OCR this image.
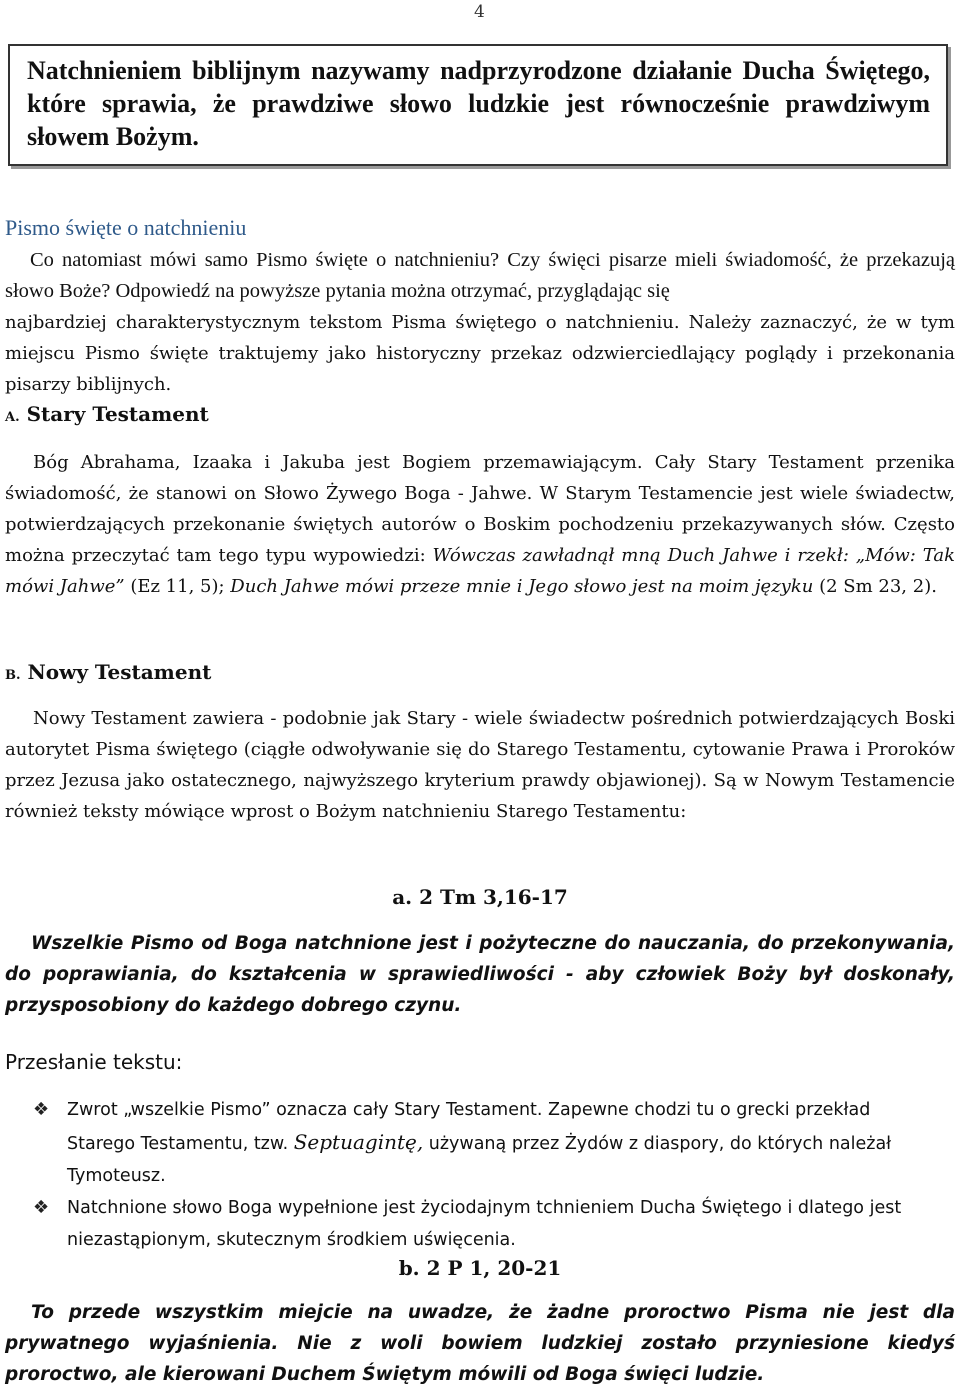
4

Natchnieniem biblijnym nazywamy nadprzyrodzone działanie Ducha Świętego, które sprawia, że prawdziwe słowo ludzkie jest równocześnie prawdziwym słowem Bożym.

Pismo święte o natchnieniu

Co natomiast mówi samo Pismo święte o natchnieniu? Czy święci pisarze mieli świadomość, że przekazują słowo Boże? Odpowiedź na powyższe pytania można otrzymać, przyglądając się

najbardziej charakterystycznym tekstom Pisma świętego o natchnieniu. Należy zaznaczyć, że w tym miejscu Pismo święte traktujemy jako historyczny przekaz odzwierciedlający poglądy i przekonania pisarzy biblijnych.

A. Stary Testament

Bóg Abrahama, Izaaka i Jakuba jest Bogiem przemawiającym. Cały Stary Testament przenika świadomość, że stanowi on Słowo Żywego Boga - Jahwe. W Starym Testamencie jest wiele świadectw, potwierdzających przekonanie świętych autorów o Boskim pochodzeniu przekazywanych słów. Często można przeczytać tam tego typu wypowiedzi: Wówczas zawładnął mną Duch Jahwe i rzekł: „Mów: Tak mówi Jahwe” (Ez 11, 5); Duch Jahwe mówi przeze mnie i Jego słowo jest na moim języku (2 Sm 23, 2).

B. Nowy Testament

Nowy Testament zawiera - podobnie jak Stary - wiele świadectw pośrednich potwierdzających Boski autorytet Pisma świętego (ciągłe odwoływanie się do Starego Testamentu, cytowanie Prawa i Proroków przez Jezusa jako ostatecznego, najwyższego kryterium prawdy objawionej). Są w Nowym Testamencie również teksty mówiące wprost o Bożym natchnieniu Starego Testamentu:

a. 2 Tm 3,16-17

Wszelkie Pismo od Boga natchnione jest i pożyteczne do nauczania, do przekonywania, do poprawiania, do kształcenia w sprawiedliwości - aby człowiek Boży był doskonały, przysposobiony do każdego dobrego czynu.

Przesłanie tekstu:
❖ Zwrot „wszelkie Pismo” oznacza cały Stary Testament. Zapewne chodzi tu o grecki przekład Starego Testamentu, tzw. Septuagintę, używaną przez Żydów z diaspory, do których należał Tymoteusz.
❖ Natchnione słowo Boga wypełnione jest życiodajnym tchnieniem Ducha Świętego i dlatego jest niezastąpionym, skutecznym środkiem uświęcenia.
b. 2 P 1, 20-21

To przede wszystkim miejcie na uwadze, że żadne proroctwo Pisma nie jest dla prywatnego wyjaśnienia. Nie z woli bowiem ludzkiej zostało przyniesione kiedyś proroctwo, ale kierowani Duchem Świętym mówili od Boga święci ludzie.
